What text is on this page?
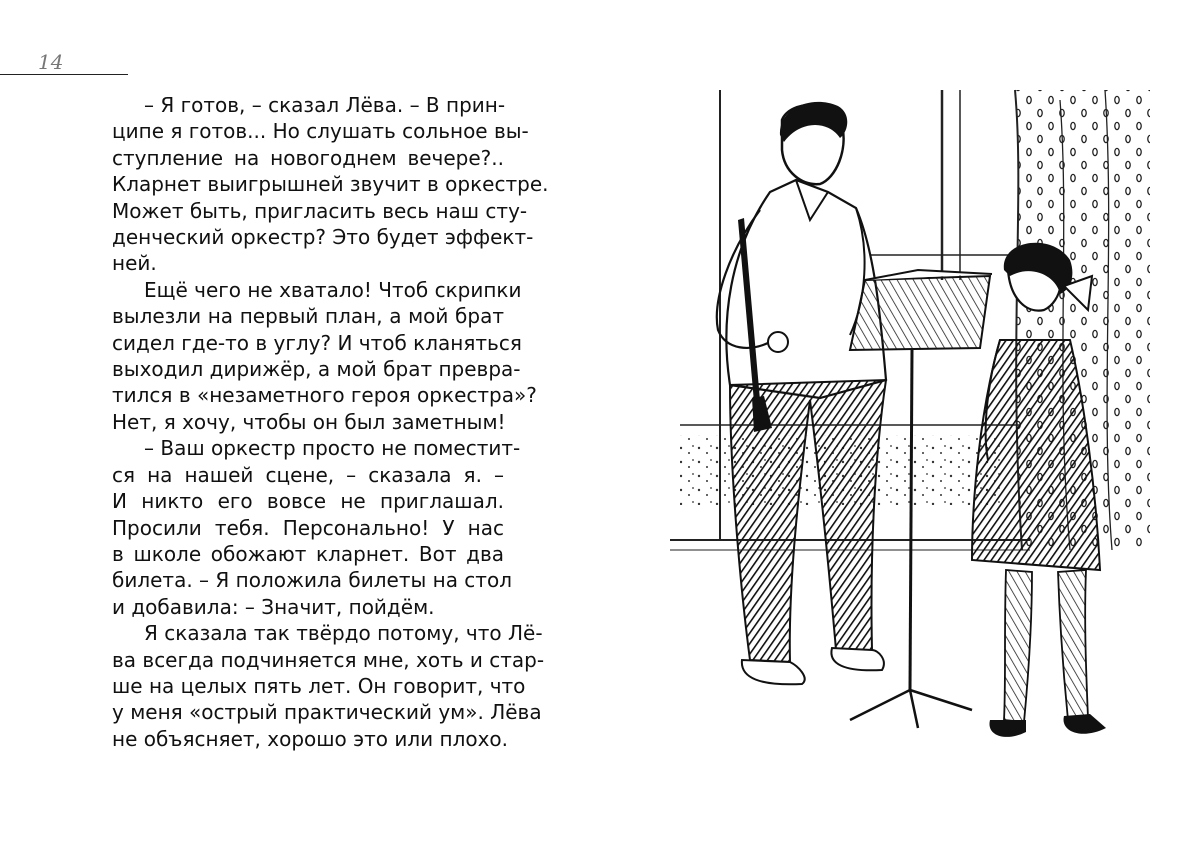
14

– Я готов, – сказал Лёва. – В прин-
ципе я готов... Но слушать сольное вы-
ступление на новогоднем вечере?..
Кларнет выигрышней звучит в оркестре.
Может быть, пригласить весь наш сту-
денческий оркестр? Это будет эффект-
ней.

Ещё чего не хватало! Чтоб скрипки
вылезли на первый план, а мой брат
сидел где-то в углу? И чтоб кланяться
выходил дирижёр, а мой брат преврa-
тился в «незаметного героя оркестра»?
Нет, я хочу, чтобы он был заметным!

– Ваш оркестр просто не поместит-
ся на нашей сцене, – сказала я. –
И никто его вовсе не приглашал.
Просили тебя. Персонально! У нас
в школе обожают кларнет. Вот два
билета. – Я положила билеты на стол
и добавила: – Значит, пойдём.

Я сказала так твёрдо потому, что Лё-
ва всегда подчиняется мне, хоть и стар-
ше на целых пять лет. Он говорит, что
у меня «острый практический ум». Лёва
не объясняет, хорошо это или плохо.
